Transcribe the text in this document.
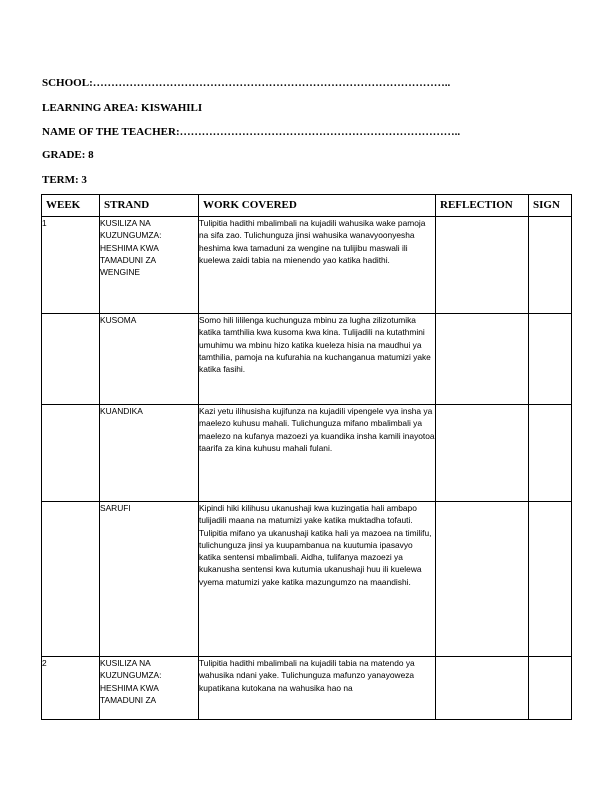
SCHOOL:……………………………………………………………………………………..
LEARNING AREA: KISWAHILI
NAME OF THE TEACHER:…………………………………………………………………..
GRADE: 8
TERM: 3
WEEK	STRAND	WORK COVERED	REFLECTION	SIGN
1	KUSILIZA NA KUZUNGUMZA: HESHIMA KWA TAMADUNI ZA WENGINE	Tulipitia hadithi mbalimbali na kujadili wahusika wake pamoja na sifa zao. Tulichunguza jinsi wahusika wanavyoonyesha heshima kwa tamaduni za wengine na tulijibu maswali ili kuelewa zaidi tabia na mienendo yao katika hadithi.		
	KUSOMA	Somo hili lililenga kuchunguza mbinu za lugha zilizotumika katika tamthilia kwa kusoma kwa kina. Tulijadili na kutathmini umuhimu wa mbinu hizo katika kueleza hisia na maudhui ya tamthilia, pamoja na kufurahia na kuchanganua matumizi yake katika fasihi.		
	KUANDIKA	Kazi yetu ilihusisha kujifunza na kujadili vipengele vya insha ya maelezo kuhusu mahali. Tulichunguza mifano mbalimbali ya maelezo na kufanya mazoezi ya kuandika insha kamili inayotoa taarifa za kina kuhusu mahali fulani.		
	SARUFI	Kipindi hiki kilihusu ukanushaji kwa kuzingatia hali ambapo tulijadili maana na matumizi yake katika muktadha tofauti. Tulipitia mifano ya ukanushaji katika hali ya mazoea na timilifu, tulichunguza jinsi ya kuupambanua na kuutumia ipasavyo katika sentensi mbalimbali. Aidha, tulifanya mazoezi ya kukanusha sentensi kwa kutumia ukanushaji huu ili kuelewa vyema matumizi yake katika mazungumzo na maandishi.		
2	KUSILIZA NA KUZUNGUMZA: HESHIMA KWA TAMADUNI ZA	Tulipitia hadithi mbalimbali na kujadili tabia na matendo ya wahusika ndani yake. Tulichunguza mafunzo yanayoweza kupatikana kutokana na wahusika hao na		
